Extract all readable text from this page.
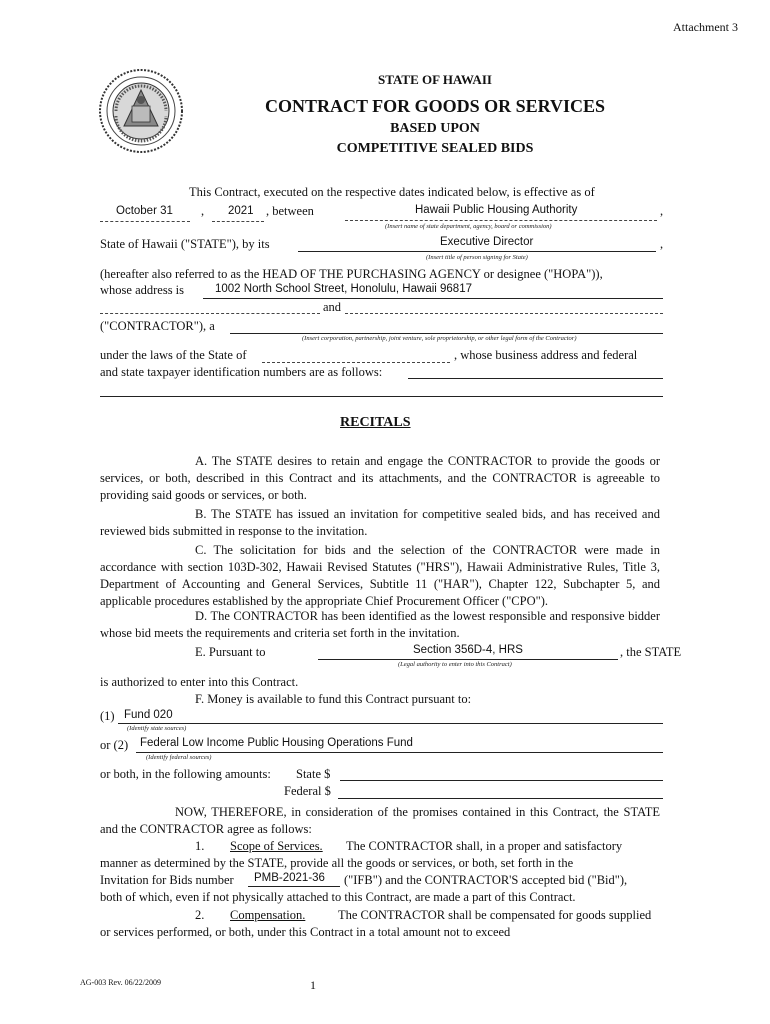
Attachment 3
STATE OF HAWAII
CONTRACT FOR GOODS OR SERVICES
BASED UPON
COMPETITIVE SEALED BIDS
This Contract, executed on the respective dates indicated below, is effective as of
October 31 , 2021 , between	Hawaii Public Housing Authority	,
(Insert name of state department, agency, board or commission)
State of Hawaii ("STATE"), by its	Executive Director	,
(Insert title of person signing for State)
(hereafter also referred to as the HEAD OF THE PURCHASING AGENCY or designee ("HOPA")),
whose address is	1002 North School Street, Honolulu, Hawaii 96817
and
("CONTRACTOR"), a
(Insert corporation, partnership, joint venture, sole proprietorship, or other legal form of the Contractor)
under the laws of the State of	, whose business address and federal
and state taxpayer identification numbers are as follows:
RECITALS
A. The STATE desires to retain and engage the CONTRACTOR to provide the goods or services, or both, described in this Contract and its attachments, and the CONTRACTOR is agreeable to providing said goods or services, or both.
B. The STATE has issued an invitation for competitive sealed bids, and has received and reviewed bids submitted in response to the invitation.
C. The solicitation for bids and the selection of the CONTRACTOR were made in accordance with section 103D-302, Hawaii Revised Statutes ("HRS"), Hawaii Administrative Rules, Title 3, Department of Accounting and General Services, Subtitle 11 ("HAR"), Chapter 122, Subchapter 5, and applicable procedures established by the appropriate Chief Procurement Officer ("CPO").
D. The CONTRACTOR has been identified as the lowest responsible and responsive bidder whose bid meets the requirements and criteria set forth in the invitation.
E. Pursuant to	Section 356D-4, HRS	, the STATE
(Legal authority to enter into this Contract)
is authorized to enter into this Contract.
F. Money is available to fund this Contract pursuant to:
(1) Fund 020
(Identify state sources)
or (2) Federal Low Income Public Housing Operations Fund
(Identify federal sources)
or both, in the following amounts: State $
Federal $
NOW, THEREFORE, in consideration of the promises contained in this Contract, the STATE and the CONTRACTOR agree as follows:
1. Scope of Services. The CONTRACTOR shall, in a proper and satisfactory
manner as determined by the STATE, provide all the goods or services, or both, set forth in the
Invitation for Bids number PMB-2021-36 ("IFB") and the CONTRACTOR'S accepted bid ("Bid"),
both of which, even if not physically attached to this Contract, are made a part of this Contract.
2. Compensation.	The CONTRACTOR shall be compensated for goods supplied
or services performed, or both, under this Contract in a total amount not to exceed
AG-003 Rev. 06/22/2009	1
